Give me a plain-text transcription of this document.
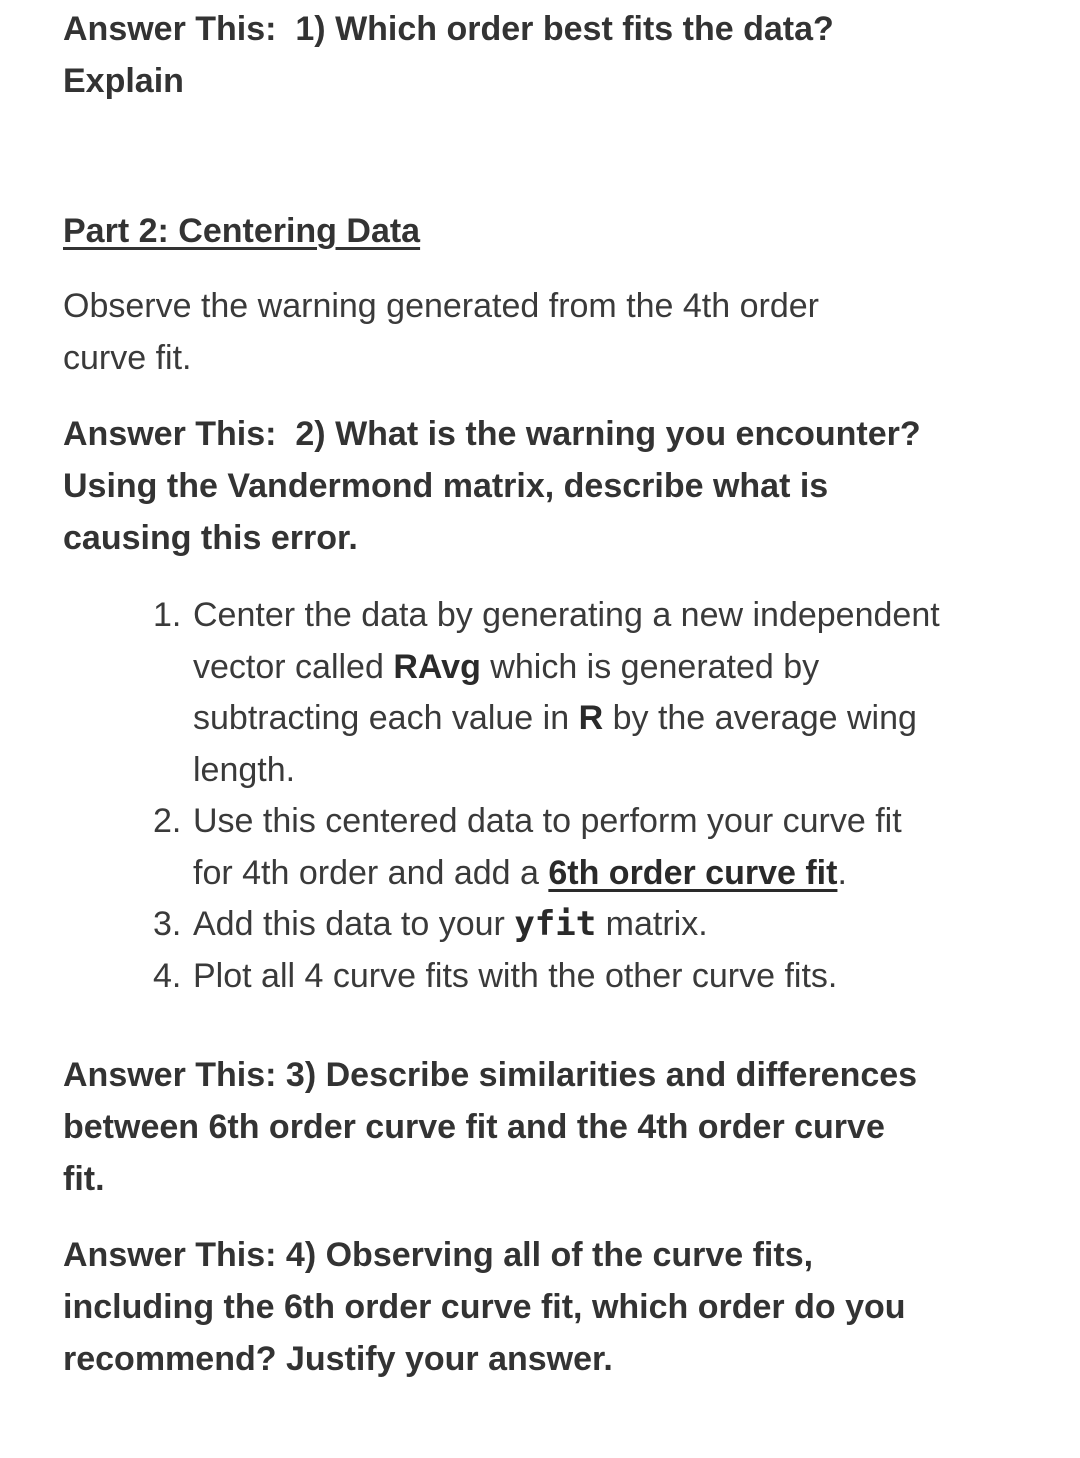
Answer This: 1) Which order best fits the data? Explain

Part 2: Centering Data

Observe the warning generated from the 4th order curve fit.

Answer This: 2) What is the warning you encounter? Using the Vandermond matrix, describe what is causing this error.

1. Center the data by generating a new independent vector called RAvg which is generated by subtracting each value in R by the average wing length.
2. Use this centered data to perform your curve fit for 4th order and add a 6th order curve fit.
3. Add this data to your yfit matrix.
4. Plot all 4 curve fits with the other curve fits.

Answer This: 3) Describe similarities and differences between 6th order curve fit and the 4th order curve fit.

Answer This: 4) Observing all of the curve fits, including the 6th order curve fit, which order do you recommend? Justify your answer.
